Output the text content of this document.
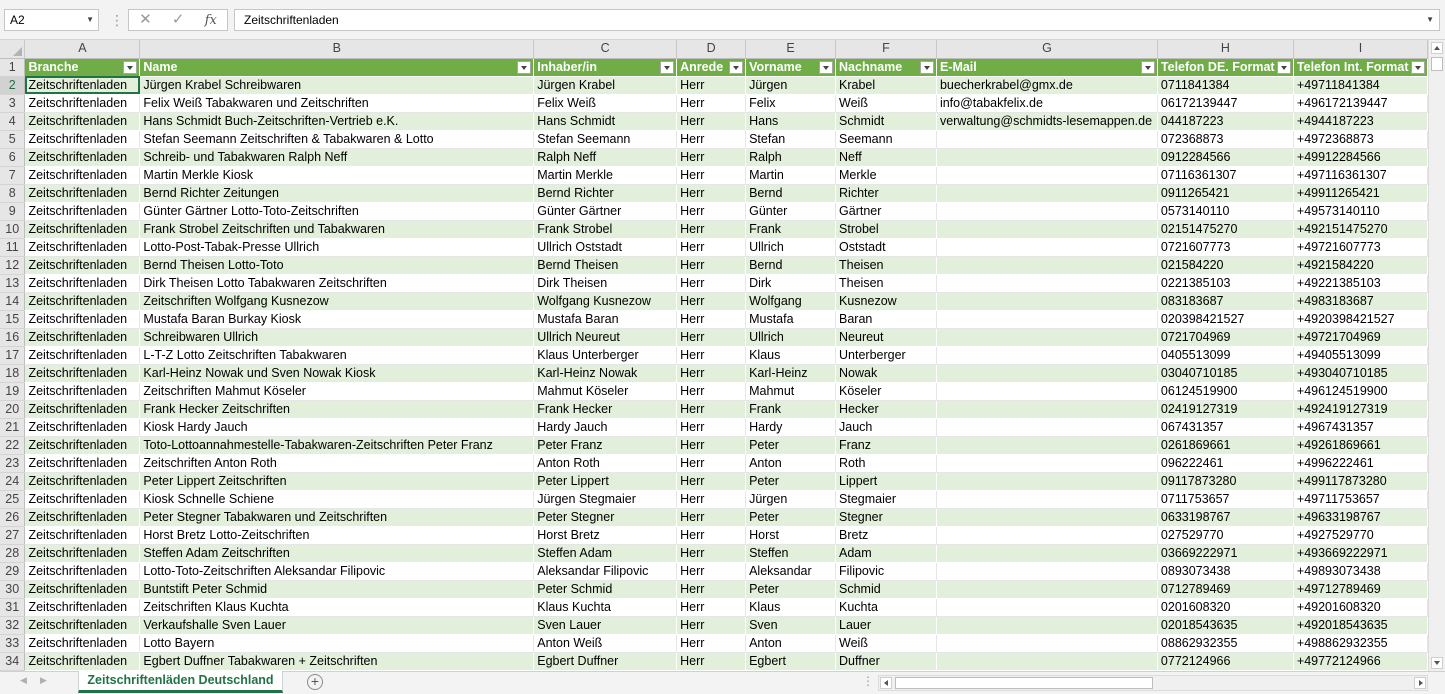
A2	▼ ⋮ ✕ ✓ fx	Zeitschriftenladen	▼
	A	B	C	D	E	F	G	H	I
1	Branche	Name	Inhaber/in	Anrede	Vorname	Nachname	E-Mail	Telefon DE. Format	Telefon Int. Format

2	Zeitschriftenladen	Jürgen Krabel Schreibwaren	Jürgen Krabel	Herr	Jürgen	Krabel	buecherkrabel@gmx.de	0711841384	+49711841384
3	Zeitschriftenladen	Felix Weiß Tabakwaren und Zeitschriften	Felix Weiß	Herr	Felix	Weiß	info@tabakfelix.de	06172139447	+496172139447
4	Zeitschriftenladen	Hans Schmidt Buch-Zeitschriften-Vertrieb e.K.	Hans Schmidt	Herr	Hans	Schmidt	verwaltung@schmidts-lesemappen.de	044187223	+4944187223
5	Zeitschriftenladen	Stefan Seemann Zeitschriften & Tabakwaren & Lotto	Stefan Seemann	Herr	Stefan	Seemann		072368873	+4972368873
6	Zeitschriftenladen	Schreib- und Tabakwaren Ralph Neff	Ralph Neff	Herr	Ralph	Neff		0912284566	+49912284566
7	Zeitschriftenladen	Martin Merkle Kiosk	Martin Merkle	Herr	Martin	Merkle		07116361307	+497116361307
8	Zeitschriftenladen	Bernd Richter Zeitungen	Bernd Richter	Herr	Bernd	Richter		0911265421	+49911265421
9	Zeitschriftenladen	Günter Gärtner Lotto-Toto-Zeitschriften	Günter Gärtner	Herr	Günter	Gärtner		0573140110	+49573140110
10	Zeitschriftenladen	Frank Strobel Zeitschriften und Tabakwaren	Frank Strobel	Herr	Frank	Strobel		02151475270	+492151475270
11	Zeitschriftenladen	Lotto-Post-Tabak-Presse Ullrich	Ullrich Oststadt	Herr	Ullrich	Oststadt		0721607773	+49721607773
12	Zeitschriftenladen	Bernd Theisen Lotto-Toto	Bernd Theisen	Herr	Bernd	Theisen		021584220	+4921584220
13	Zeitschriftenladen	Dirk Theisen Lotto Tabakwaren Zeitschriften	Dirk Theisen	Herr	Dirk	Theisen		0221385103	+49221385103
14	Zeitschriftenladen	Zeitschriften Wolfgang Kusnezow	Wolfgang Kusnezow	Herr	Wolfgang	Kusnezow		083183687	+4983183687
15	Zeitschriftenladen	Mustafa Baran Burkay Kiosk	Mustafa Baran	Herr	Mustafa	Baran		020398421527	+4920398421527
16	Zeitschriftenladen	Schreibwaren Ullrich	Ullrich Neureut	Herr	Ullrich	Neureut		0721704969	+49721704969
17	Zeitschriftenladen	L-T-Z Lotto Zeitschriften Tabakwaren	Klaus Unterberger	Herr	Klaus	Unterberger		0405513099	+49405513099
18	Zeitschriftenladen	Karl-Heinz Nowak und Sven Nowak Kiosk	Karl-Heinz Nowak	Herr	Karl-Heinz	Nowak		03040710185	+493040710185
19	Zeitschriftenladen	Zeitschriften Mahmut Köseler	Mahmut Köseler	Herr	Mahmut	Köseler		06124519900	+496124519900
20	Zeitschriftenladen	Frank Hecker Zeitschriften	Frank Hecker	Herr	Frank	Hecker		02419127319	+492419127319
21	Zeitschriftenladen	Kiosk Hardy Jauch	Hardy Jauch	Herr	Hardy	Jauch		067431357	+4967431357
22	Zeitschriftenladen	Toto-Lottoannahmestelle-Tabakwaren-Zeitschriften Peter Franz	Peter Franz	Herr	Peter	Franz		0261869661	+49261869661
23	Zeitschriftenladen	Zeitschriften Anton Roth	Anton Roth	Herr	Anton	Roth		096222461	+4996222461
24	Zeitschriftenladen	Peter Lippert Zeitschriften	Peter Lippert	Herr	Peter	Lippert		09117873280	+499117873280
25	Zeitschriftenladen	Kiosk Schnelle Schiene	Jürgen Stegmaier	Herr	Jürgen	Stegmaier		0711753657	+49711753657
26	Zeitschriftenladen	Peter Stegner Tabakwaren und Zeitschriften	Peter Stegner	Herr	Peter	Stegner		0633198767	+49633198767
27	Zeitschriftenladen	Horst Bretz Lotto-Zeitschriften	Horst Bretz	Herr	Horst	Bretz		027529770	+4927529770
28	Zeitschriftenladen	Steffen Adam Zeitschriften	Steffen Adam	Herr	Steffen	Adam		03669222971	+493669222971
29	Zeitschriftenladen	Lotto-Toto-Zeitschriften Aleksandar Filipovic	Aleksandar Filipovic	Herr	Aleksandar	Filipovic		0893073438	+49893073438
30	Zeitschriftenladen	Buntstift Peter Schmid	Peter Schmid	Herr	Peter	Schmid		0712789469	+49712789469
31	Zeitschriftenladen	Zeitschriften Klaus Kuchta	Klaus Kuchta	Herr	Klaus	Kuchta		0201608320	+49201608320
32	Zeitschriftenladen	Verkaufshalle Sven Lauer	Sven Lauer	Herr	Sven	Lauer		02018543635	+492018543635
33	Zeitschriftenladen	Lotto Bayern	Anton Weiß	Herr	Anton	Weiß		08862932355	+498862932355
34	Zeitschriftenladen	Egbert Duffner Tabakwaren + Zeitschriften	Egbert Duffner	Herr	Egbert	Duffner		0772124966	+49772124966
◀ ▶	Zeitschriftenläden Deutschland	+	⋮
